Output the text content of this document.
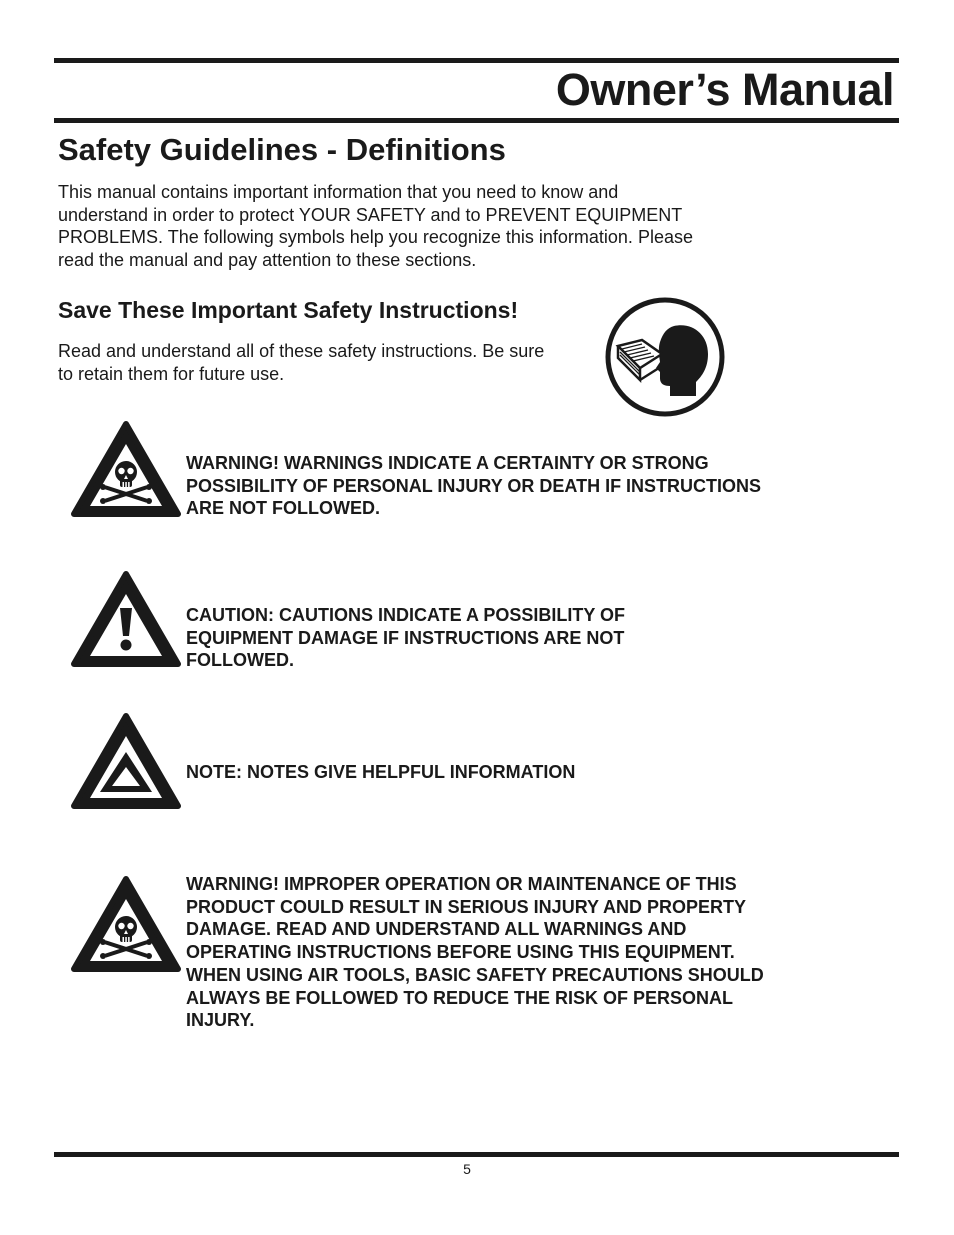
Owner’s Manual
Safety Guidelines - Definitions

This manual contains important information that you need to know and understand in order to protect YOUR SAFETY and to PREVENT EQUIPMENT PROBLEMS. The following symbols help you recognize this information. Please read the manual and pay attention to these sections.

Save These Important Safety Instructions!

Read and understand all of these safety instructions. Be sure to retain them for future use.

WARNING! WARNINGS INDICATE A CERTAINTY OR STRONG POSSIBILITY OF PERSONAL INJURY OR DEATH IF INSTRUCTIONS ARE NOT FOLLOWED.

CAUTION: CAUTIONS INDICATE A POSSIBILITY OF EQUIPMENT DAMAGE IF INSTRUCTIONS ARE NOT FOLLOWED.

NOTE: NOTES GIVE HELPFUL INFORMATION

WARNING! IMPROPER OPERATION OR MAINTENANCE OF THIS PRODUCT COULD RESULT IN SERIOUS INJURY AND PROPERTY DAMAGE. READ AND UNDERSTAND ALL WARNINGS AND OPERATING INSTRUCTIONS BEFORE USING THIS EQUIPMENT. WHEN USING AIR TOOLS, BASIC SAFETY PRECAUTIONS SHOULD ALWAYS BE FOLLOWED TO REDUCE THE RISK OF PERSONAL INJURY.

5
